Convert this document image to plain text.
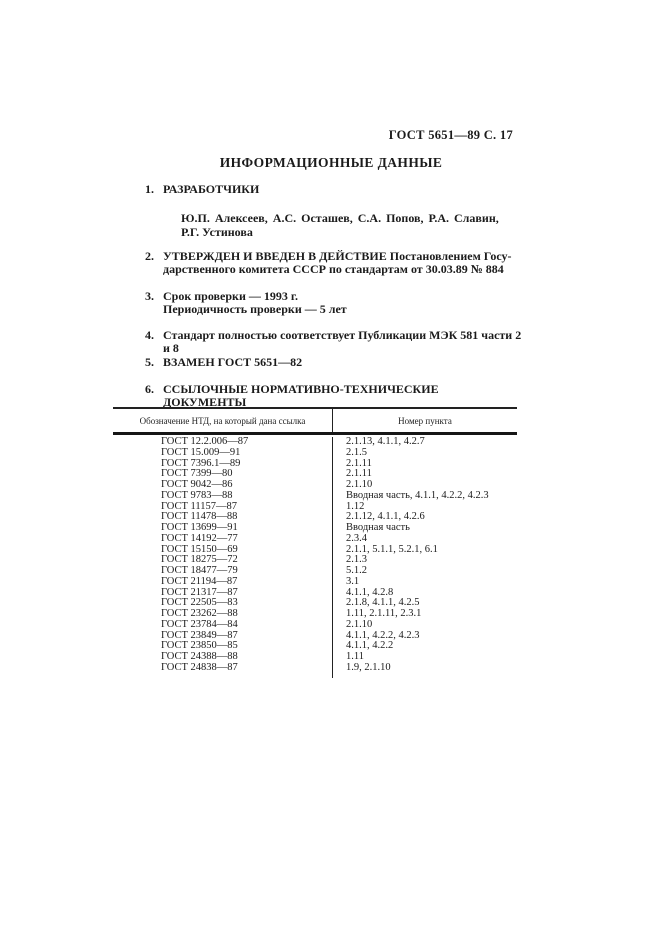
ГОСТ 5651—89 С. 17
ИНФОРМАЦИОННЫЕ ДАННЫЕ
1. РАЗРАБОТЧИКИ
Ю.П. Алексеев, А.С. Осташев, С.А. Попов, Р.А. Славин,
Р.Г. Устинова
2. УТВЕРЖДЕН И ВВЕДЕН В ДЕЙСТВИЕ Постановлением Госу-
дарственного комитета СССР по стандартам от 30.03.89 № 884
3. Срок проверки — 1993 г.
Периодичность проверки — 5 лет
4. Стандарт полностью соответствует Публикации МЭК 581 части 2 и 8
5. ВЗАМЕН ГОСТ 5651—82
6. ССЫЛОЧНЫЕ НОРМАТИВНО-ТЕХНИЧЕСКИЕ ДОКУМЕНТЫ
Обозначение НТД, на который дана ссылка	Номер пункта
ГОСТ 12.2.006—87	2.1.13, 4.1.1, 4.2.7
ГОСТ 15.009—91	2.1.5
ГОСТ 7396.1—89	2.1.11
ГОСТ 7399—80	2.1.11
ГОСТ 9042—86	2.1.10
ГОСТ 9783—88	Вводная часть, 4.1.1, 4.2.2, 4.2.3
ГОСТ 11157—87	1.12
ГОСТ 11478—88	2.1.12, 4.1.1, 4.2.6
ГОСТ 13699—91	Вводная часть
ГОСТ 14192—77	2.3.4
ГОСТ 15150—69	2.1.1, 5.1.1, 5.2.1, 6.1
ГОСТ 18275—72	2.1.3
ГОСТ 18477—79	5.1.2
ГОСТ 21194—87	3.1
ГОСТ 21317—87	4.1.1, 4.2.8
ГОСТ 22505—83	2.1.8, 4.1.1, 4.2.5
ГОСТ 23262—88	1.11, 2.1.11, 2.3.1
ГОСТ 23784—84	2.1.10
ГОСТ 23849—87	4.1.1, 4.2.2, 4.2.3
ГОСТ 23850—85	4.1.1, 4.2.2
ГОСТ 24388—88	1.11
ГОСТ 24838—87	1.9, 2.1.10
